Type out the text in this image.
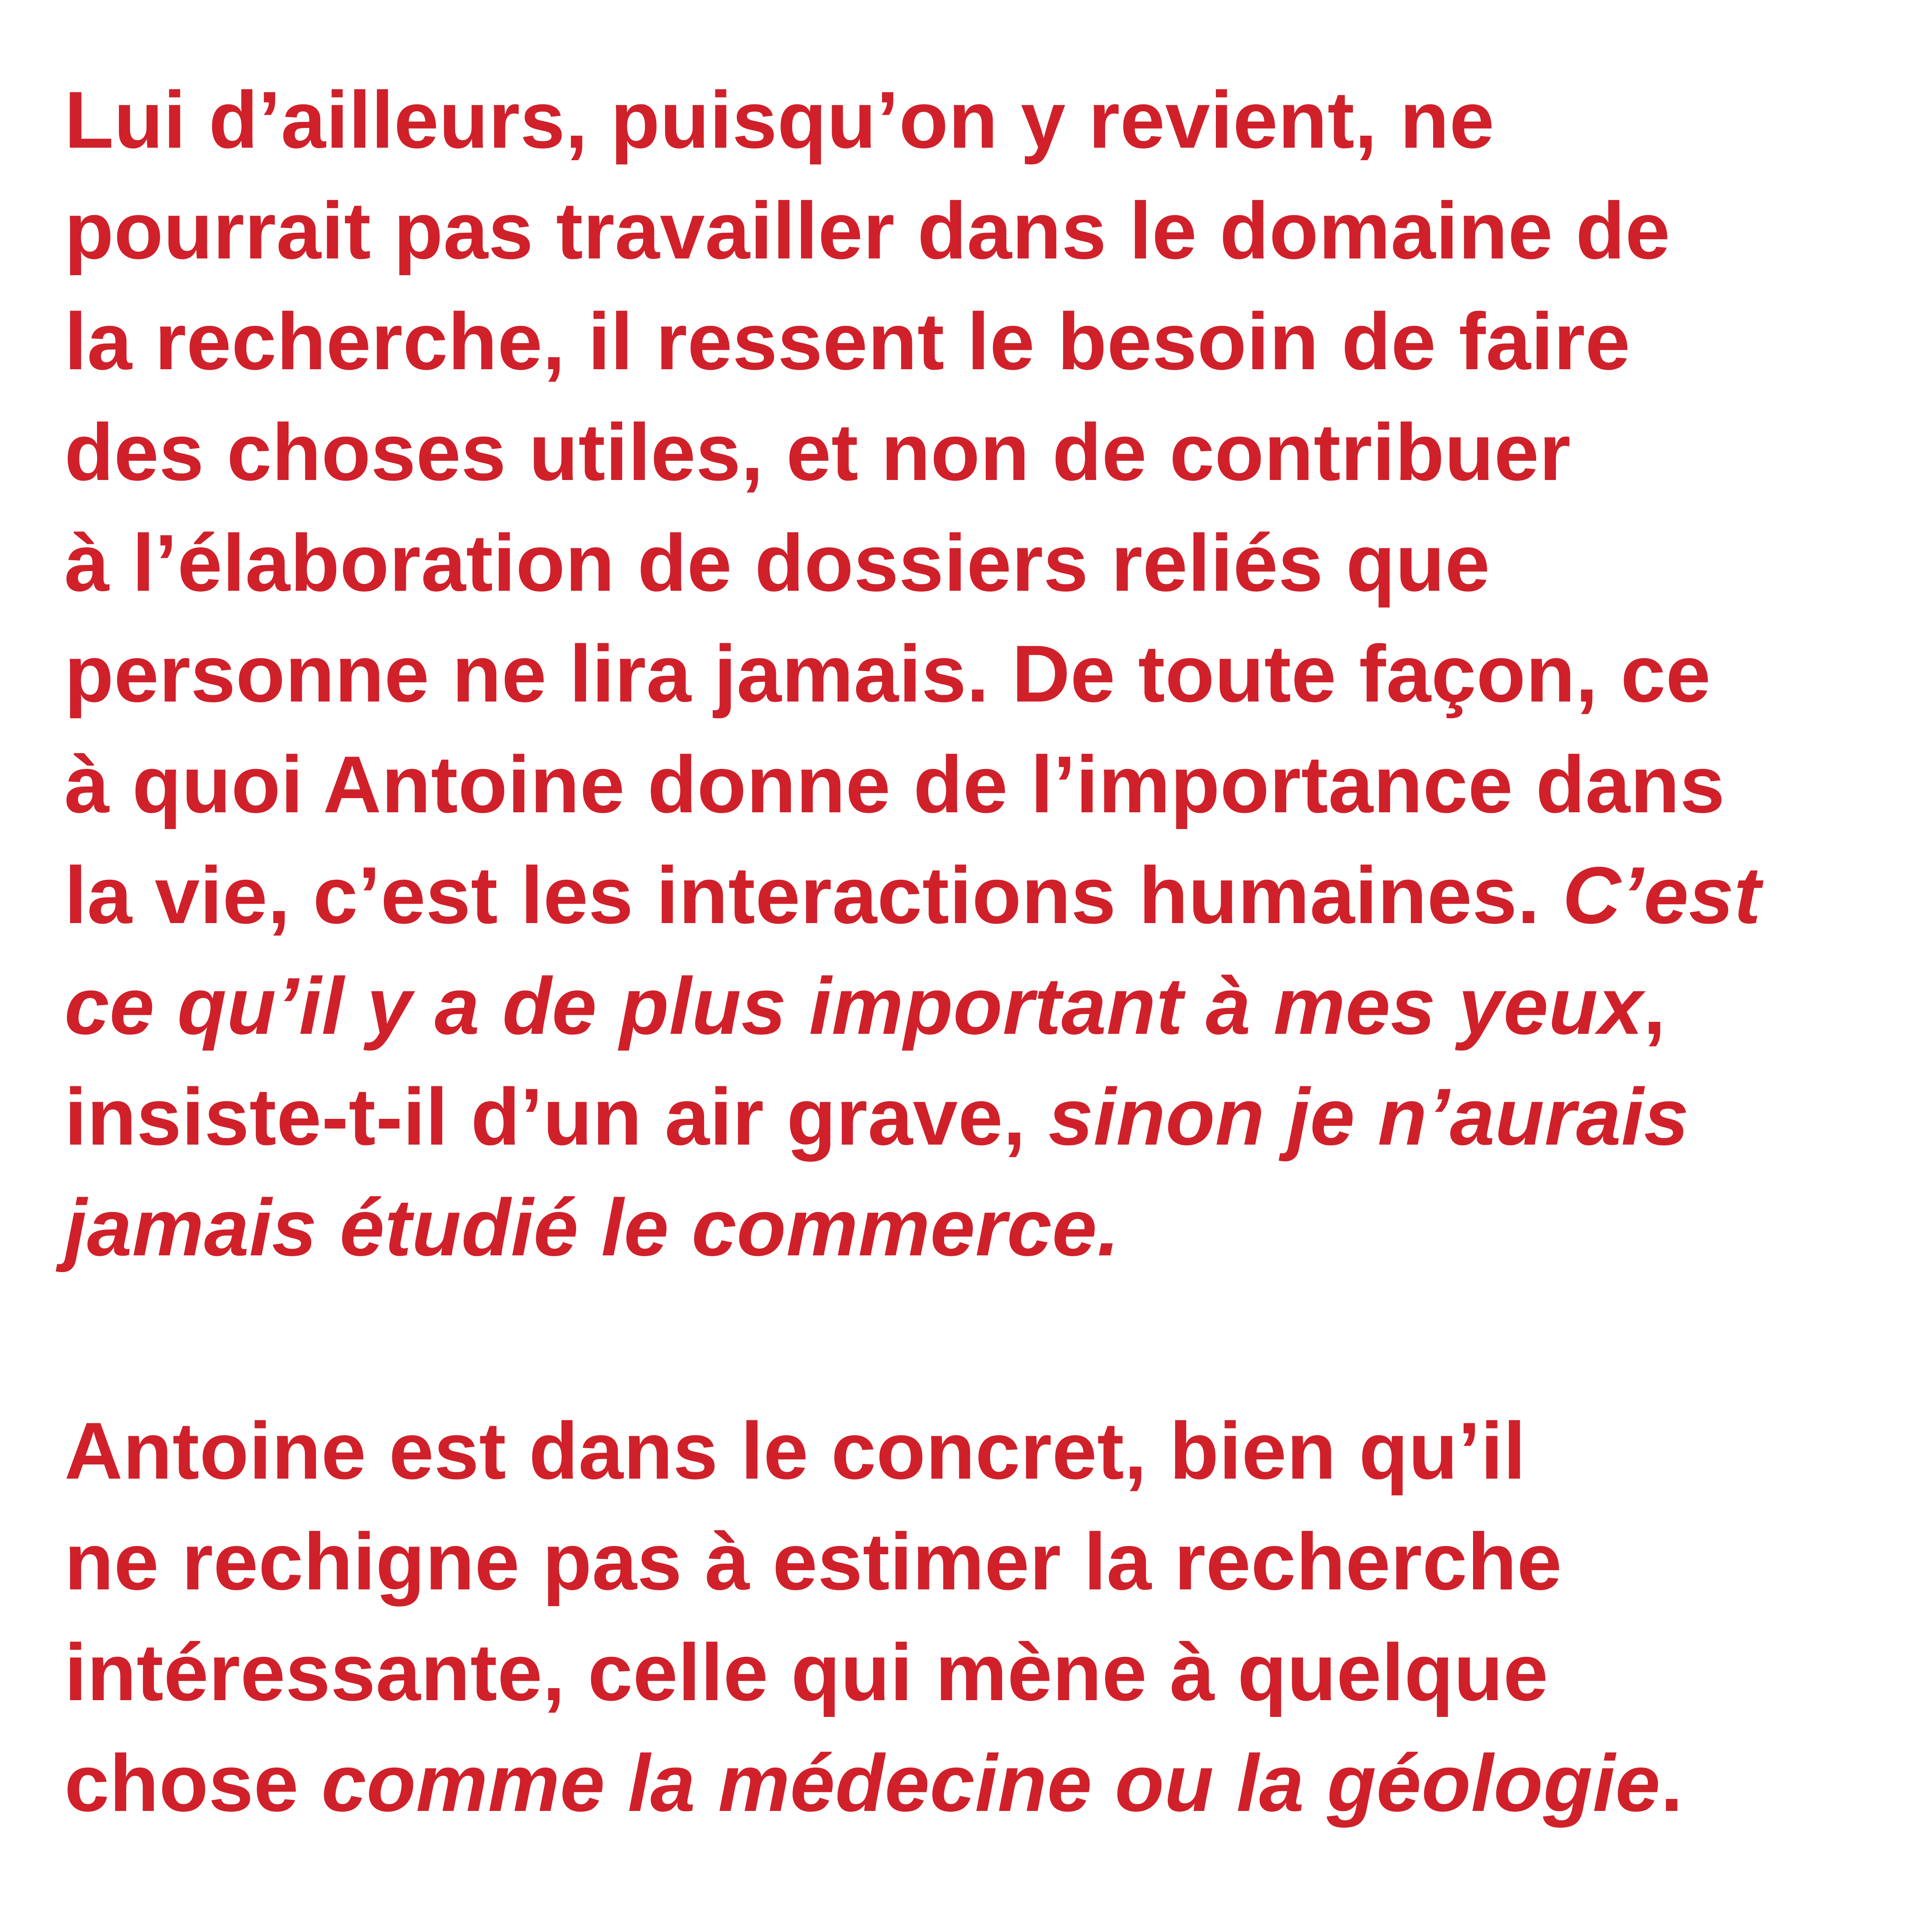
Lui d’ailleurs, puisqu’on y revient, ne
pourrait pas travailler dans le domaine de
la recherche, il ressent le besoin de faire
des choses utiles, et non de contribuer
à l’élaboration de dossiers reliés que
personne ne lira jamais. De toute façon, ce
à quoi Antoine donne de l’importance dans
la vie, c’est les interactions humaines. C’est
ce qu’il y a de plus important à mes yeux,
insiste-t-il d’un air grave, sinon je n’aurais
jamais étudié le commerce.

Antoine est dans le concret, bien qu’il
ne rechigne pas à estimer la recherche
intéressante, celle qui mène à quelque
chose comme la médecine ou la géologie.
